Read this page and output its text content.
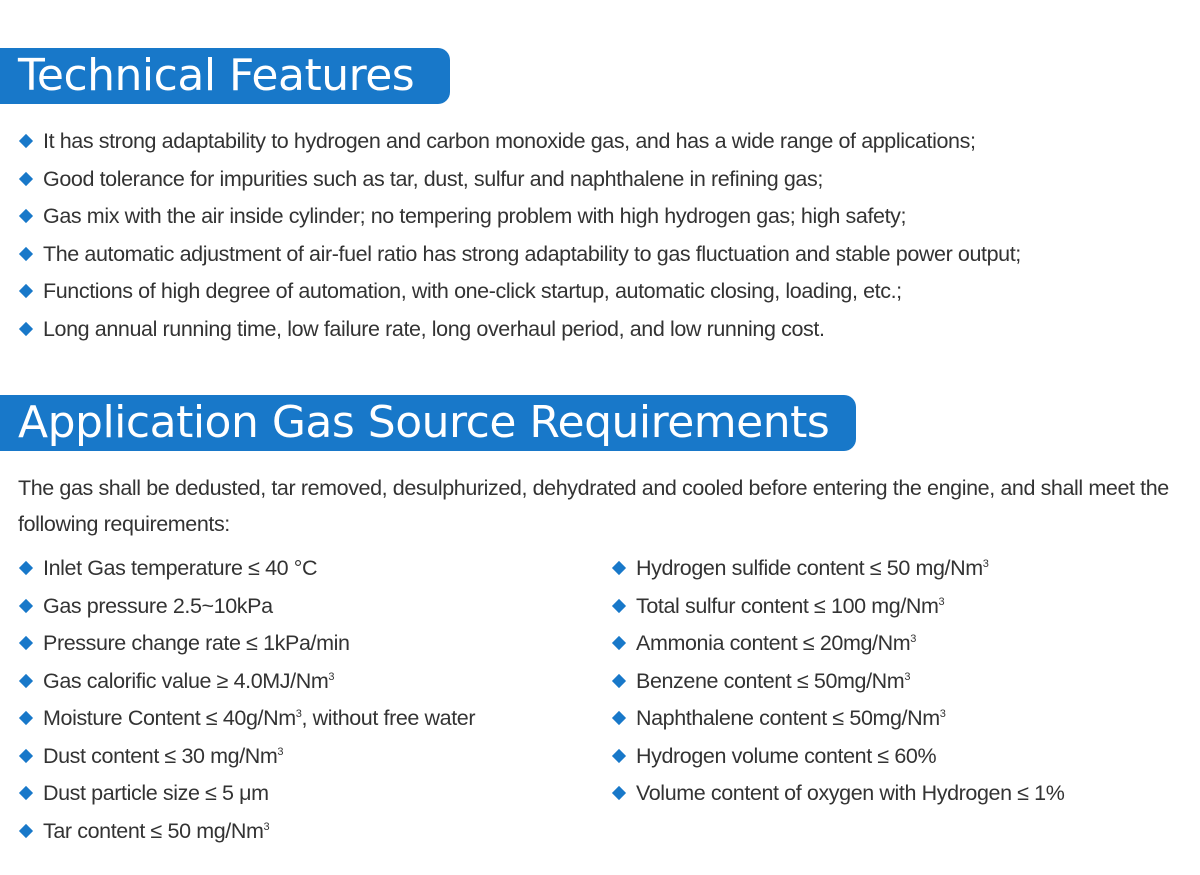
Technical Features
It has strong adaptability to hydrogen and carbon monoxide gas, and has a wide range of applications;
Good tolerance for impurities such as tar, dust, sulfur and naphthalene in refining gas;
Gas mix with the air inside cylinder; no tempering problem with high hydrogen gas; high safety;
The automatic adjustment of air-fuel ratio has strong adaptability to gas fluctuation and stable power output;
Functions of high degree of automation, with one-click startup, automatic closing, loading, etc.;
Long annual running time, low failure rate, long overhaul period, and low running cost.
Application Gas Source Requirements
The gas shall be dedusted, tar removed, desulphurized, dehydrated and cooled before entering the engine, and shall meet the following requirements:
Inlet Gas temperature ≤ 40 °C
Gas pressure 2.5~10kPa
Pressure change rate ≤ 1kPa/min
Gas calorific value ≥ $4.0MJ/Nm^3$
Moisture Content ≤ $40g/Nm^3$, without free water
Dust content ≤ 30 mg/Nm$^3$
Dust particle size ≤ 5 μm
Tar content ≤ 50 mg/Nm$^3$
Hydrogen sulfide content ≤ 50 mg/Nm$^3$
Total sulfur content ≤ 100 mg/Nm$^3$
Ammonia content ≤ $20mg/Nm^3$
Benzene content ≤ $50mg/Nm^3$
Naphthalene content ≤ $50mg/Nm^3$
Hydrogen volume content ≤ 60%
Volume content of oxygen with Hydrogen ≤ 1%
